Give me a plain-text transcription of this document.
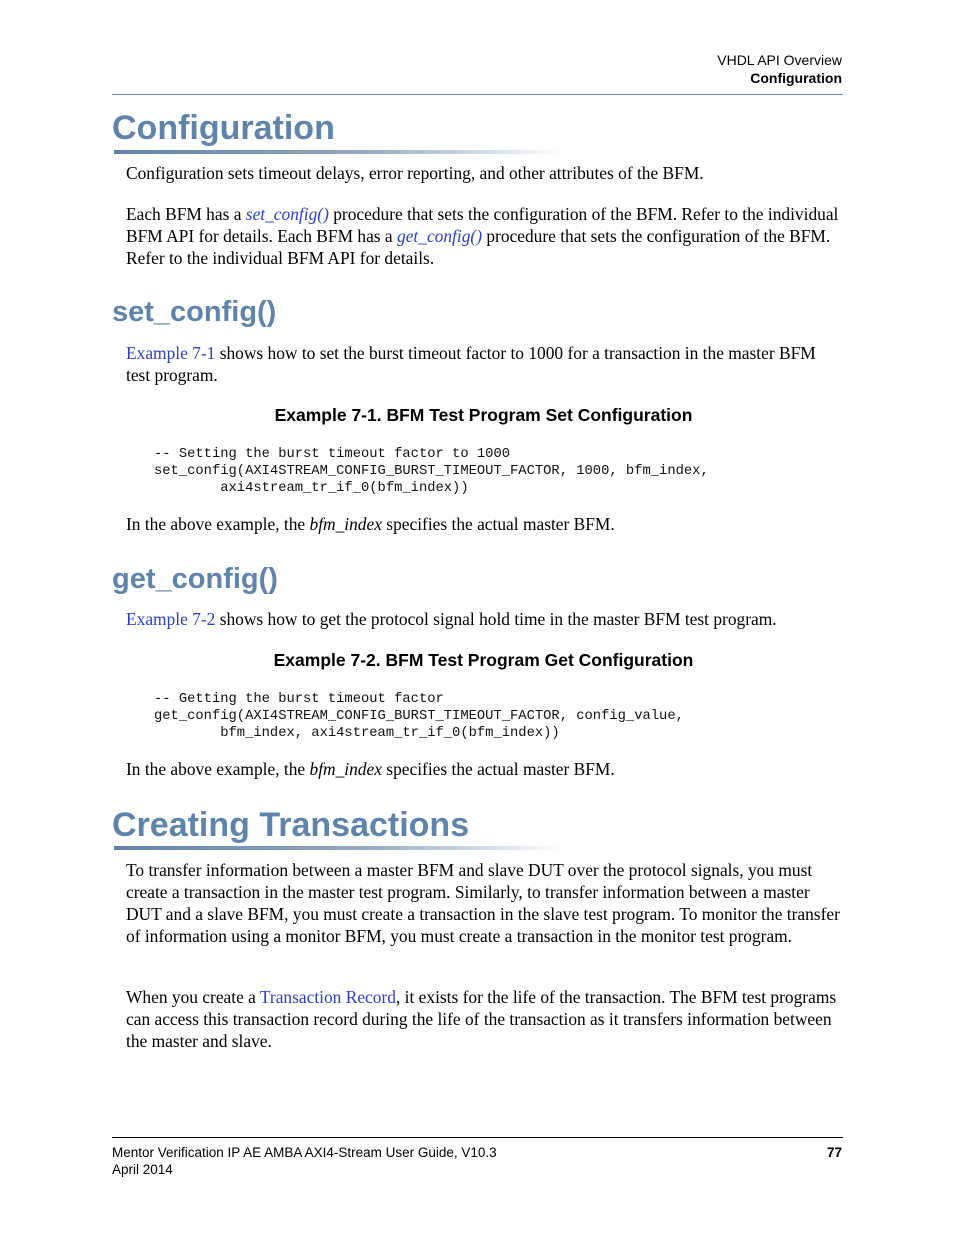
VHDL API Overview
Configuration
Configuration

Configuration sets timeout delays, error reporting, and other attributes of the BFM.

Each BFM has a set_config() procedure that sets the configuration of the BFM. Refer to the individual BFM API for details. Each BFM has a get_config() procedure that sets the configuration of the BFM. Refer to the individual BFM API for details.

set_config()

Example 7-1 shows how to set the burst timeout factor to 1000 for a transaction in the master BFM test program.

Example 7-1. BFM Test Program Set Configuration

-- Setting the burst timeout factor to 1000
set_config(AXI4STREAM_CONFIG_BURST_TIMEOUT_FACTOR, 1000, bfm_index,
axi4stream_tr_if_0(bfm_index))

In the above example, the bfm_index specifies the actual master BFM.

get_config()

Example 7-2 shows how to get the protocol signal hold time in the master BFM test program.

Example 7-2. BFM Test Program Get Configuration

-- Getting the burst timeout factor
get_config(AXI4STREAM_CONFIG_BURST_TIMEOUT_FACTOR, config_value,
bfm_index, axi4stream_tr_if_0(bfm_index))

In the above example, the bfm_index specifies the actual master BFM.

Creating Transactions

To transfer information between a master BFM and slave DUT over the protocol signals, you must create a transaction in the master test program. Similarly, to transfer information between a master DUT and a slave BFM, you must create a transaction in the slave test program. To monitor the transfer of information using a monitor BFM, you must create a transaction in the monitor test program.

When you create a Transaction Record, it exists for the life of the transaction. The BFM test programs can access this transaction record during the life of the transaction as it transfers information between the master and slave.

Mentor Verification IP AE AMBA AXI4-Stream User Guide, V10.3
April 2014
77
